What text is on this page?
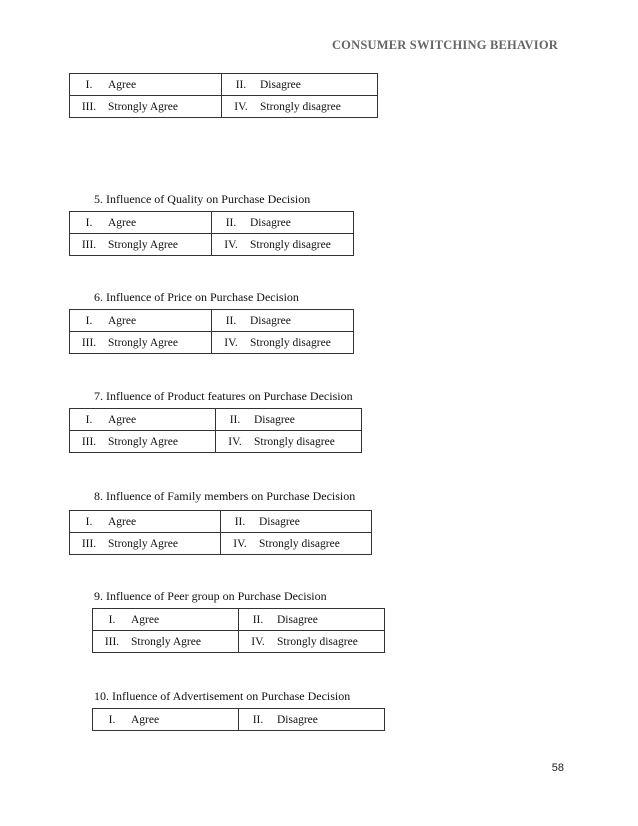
CONSUMER SWITCHING BEHAVIOR
I. Agree	II. Disagree
III. Strongly Agree	IV. Strongly disagree
5. Influence of Quality on Purchase Decision
I. Agree	II. Disagree
III. Strongly Agree	IV. Strongly disagree
6. Influence of Price on Purchase Decision
I. Agree	II. Disagree
III. Strongly Agree	IV. Strongly disagree
7. Influence of Product features on Purchase Decision
I. Agree	II. Disagree
III. Strongly Agree	IV. Strongly disagree
8. Influence of Family members on Purchase Decision
I. Agree	II. Disagree
III. Strongly Agree	IV. Strongly disagree
9. Influence of Peer group on Purchase Decision
I. Agree	II. Disagree
III. Strongly Agree	IV. Strongly disagree
10. Influence of Advertisement on Purchase Decision
I. Agree	II. Disagree
58
